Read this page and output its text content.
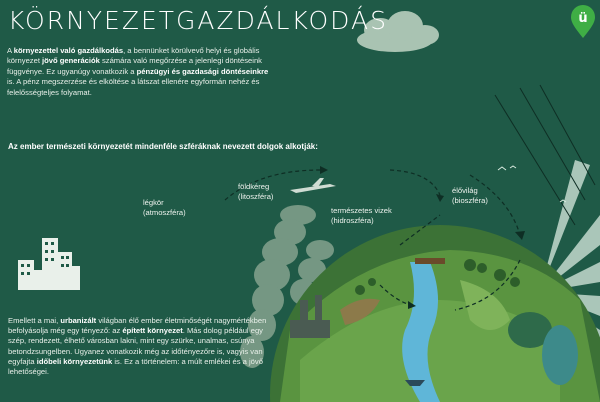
ü
KÖRNYEZETGAZDÁLKODÁS
A környezettel való gazdálkodás, a bennünket körülvevő helyi és globális környezet jövő generációk számára való megőrzése a jelenlegi döntéseink függvénye. Ez ugyanúgy vonatkozik a pénzügyi és gazdasági döntéseinkre is. A pénz megszerzése és elköltése a látszat ellenére egyformán nehéz és felelősségteljes folyamat.
Az ember természeti környezetét mindenféle szféráknak nevezett dolgok alkotják:
légkör
(atmoszféra)
földkéreg
(litoszféra)
természetes vizek
(hidroszféra)
élővilág
(bioszféra)
Emellett a mai, urbanizált világban élő ember életminőségét nagymértékben befolyásolja még egy tényező: az épített környezet. Más dolog például egy szép, rendezett, élhető városban lakni, mint egy szürke, unalmas, csúnya betondzsungelben. Ugyanez vonatkozik még az időtényezőre is, vagyis van egyfajta időbeli környezetünk is. Ez a történelem: a múlt emlékei és a jövő lehetőségei.
